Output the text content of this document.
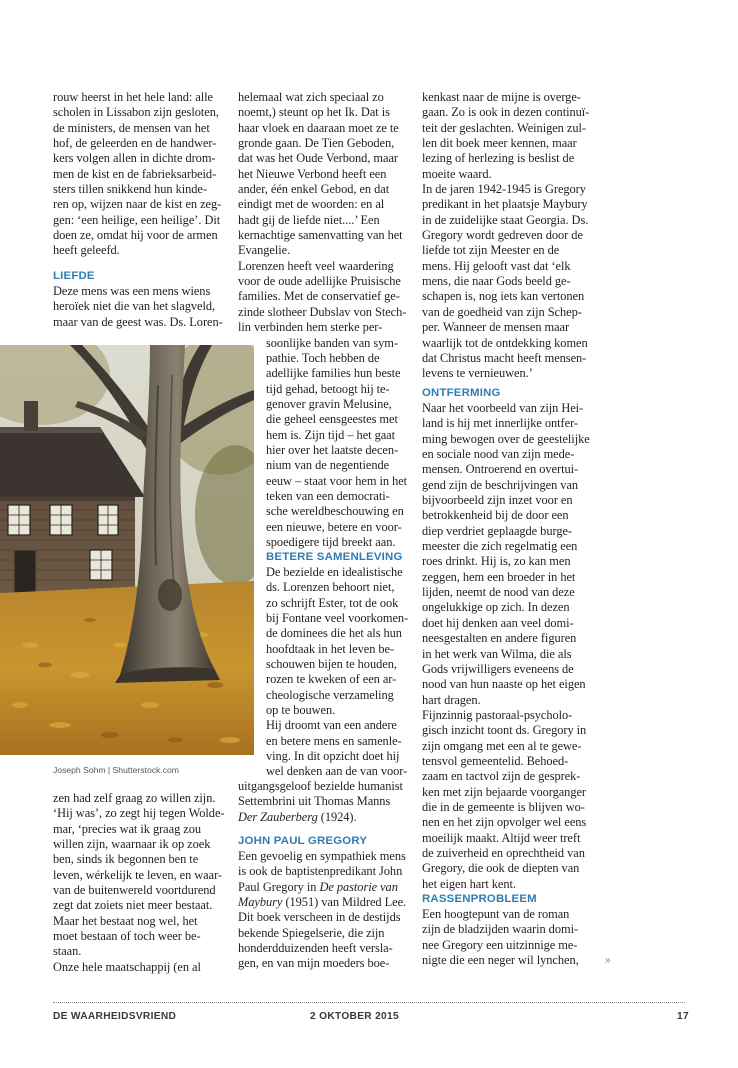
rouw heerst in het hele land: alle
scholen in Lissabon zijn gesloten,
de ministers, de mensen van het
hof, de geleerden en de handwer-
kers volgen allen in dichte drom-
men de kist en de fabrieksarbeid-
sters tillen snikkend hun kinde-
ren op, wijzen naar de kist en zeg-
gen: ‘een heilige, een heilige’. Dit
doen ze, omdat hij voor de armen
heeft geleefd.
LIEFDE
Deze mens was een mens wiens
heroïek niet die van het slagveld,
maar van de geest was. Ds. Loren-
zen had zelf graag zo willen zijn.
‘Hij was’, zo zegt hij tegen Wolde-
mar, ‘precies wat ik graag zou
willen zijn, waarnaar ik op zoek
ben, sinds ik begonnen ben te
leven, wérkelijk te leven, en waar-
van de buitenwereld voortdurend
zegt dat zoiets niet meer bestaat.
Maar het bestaat nog wel, het
moet bestaan of toch weer be-
staan.
Onze hele maatschappij (en al
helemaal wat zich speciaal zo
noemt,) steunt op het Ik. Dat is
haar vloek en daaraan moet ze te
gronde gaan. De Tien Geboden,
dat was het Oude Verbond, maar
het Nieuwe Verbond heeft een
ander, één enkel Gebod, en dat
eindigt met de woorden: en al
hadt gij de liefde niet....’ Een
kernachtige samenvatting van het
Evangelie.
Lorenzen heeft veel waardering
voor de oude adellijke Pruisische
families. Met de conservatief ge-
zinde slotheer Dubslav von Stech-
lin verbinden hem sterke per-
soonlijke banden van sym-
pathie. Toch hebben de
adellijke families hun beste
tijd gehad, betoogt hij te-
genover gravin Melusine,
die geheel eensgeestes met
hem is. Zijn tijd – het gaat
hier over het laatste decen-
nium van de negentiende
eeuw – staat voor hem in het
teken van een democrati-
sche wereldbeschouwing en
een nieuwe, betere en voor-
spoedigere tijd breekt aan.
BETERE SAMENLEVING
De bezielde en idealistische
ds. Lorenzen behoort niet,
zo schrijft Ester, tot de ook
bij Fontane veel voorkomen-
de dominees die het als hun
hoofdtaak in het leven be-
schouwen bijen te houden,
rozen te kweken of een ar-
cheologische verzameling
op te bouwen.
Hij droomt van een andere
en betere mens en samenle-
ving. In dit opzicht doet hij
wel denken aan de van voor-
uitgangsgeloof bezielde humanist
Settembrini uit Thomas Manns
Der Zauberberg (1924).
JOHN PAUL GREGORY
Een gevoelig en sympathiek mens
is ook de baptistenpredikant John
Paul Gregory in De pastorie van
Maybury (1951) van Mildred Lee.
Dit boek verscheen in de destijds
bekende Spiegelserie, die zijn
honderdduizenden heeft versla-
gen, en van mijn moeders boe-
kenkast naar de mijne is overge-
gaan. Zo is ook in dezen continuï-
teit der geslachten. Weinigen zul-
len dit boek meer kennen, maar
lezing of herlezing is beslist de
moeite waard.
In de jaren 1942-1945 is Gregory
predikant in het plaatsje Maybury
in de zuidelijke staat Georgia. Ds.
Gregory wordt gedreven door de
liefde tot zijn Meester en de
mens. Hij gelooft vast dat ‘elk
mens, die naar Gods beeld ge-
schapen is, nog iets kan vertonen
van de goedheid van zijn Schep-
per. Wanneer de mensen maar
waarlijk tot de ontdekking komen
dat Christus macht heeft mensen-
levens te vernieuwen.’
ONTFERMING
Naar het voorbeeld van zijn Hei-
land is hij met innerlijke ontfer-
ming bewogen over de geestelijke
en sociale nood van zijn mede-
mensen. Ontroerend en overtui-
gend zijn de beschrijvingen van
bijvoorbeeld zijn inzet voor en
betrokkenheid bij de door een
diep verdriet geplaagde burge-
meester die zich regelmatig een
roes drinkt. Hij is, zo kan men
zeggen, hem een broeder in het
lijden, neemt de nood van deze
ongelukkige op zich. In dezen
doet hij denken aan veel domi-
neesgestalten en andere figuren
in het werk van Wilma, die als
Gods vrijwilligers eveneens de
nood van hun naaste op het eigen
hart dragen.
Fijnzinnig pastoraal-psycholo-
gisch inzicht toont ds. Gregory in
zijn omgang met een al te gewe-
tensvol gemeentelid. Behoed-
zaam en tactvol zijn de gesprek-
ken met zijn bejaarde voorganger
die in de gemeente is blijven wo-
nen en het zijn opvolger wel eens
moeilijk maakt. Altijd weer treft
de zuiverheid en oprechtheid van
Gregory, die ook de diepten van
het eigen hart kent.
RASSENPROBLEEM
Een hoogtepunt van de roman
zijn de bladzijden waarin domi-
nee Gregory een uitzinnige me-
nigte die een neger wil lynchen,
Joseph Sohm | Shutterstock.com
»
DE WAARHEIDSVRIEND	2 OKTOBER 2015	17
